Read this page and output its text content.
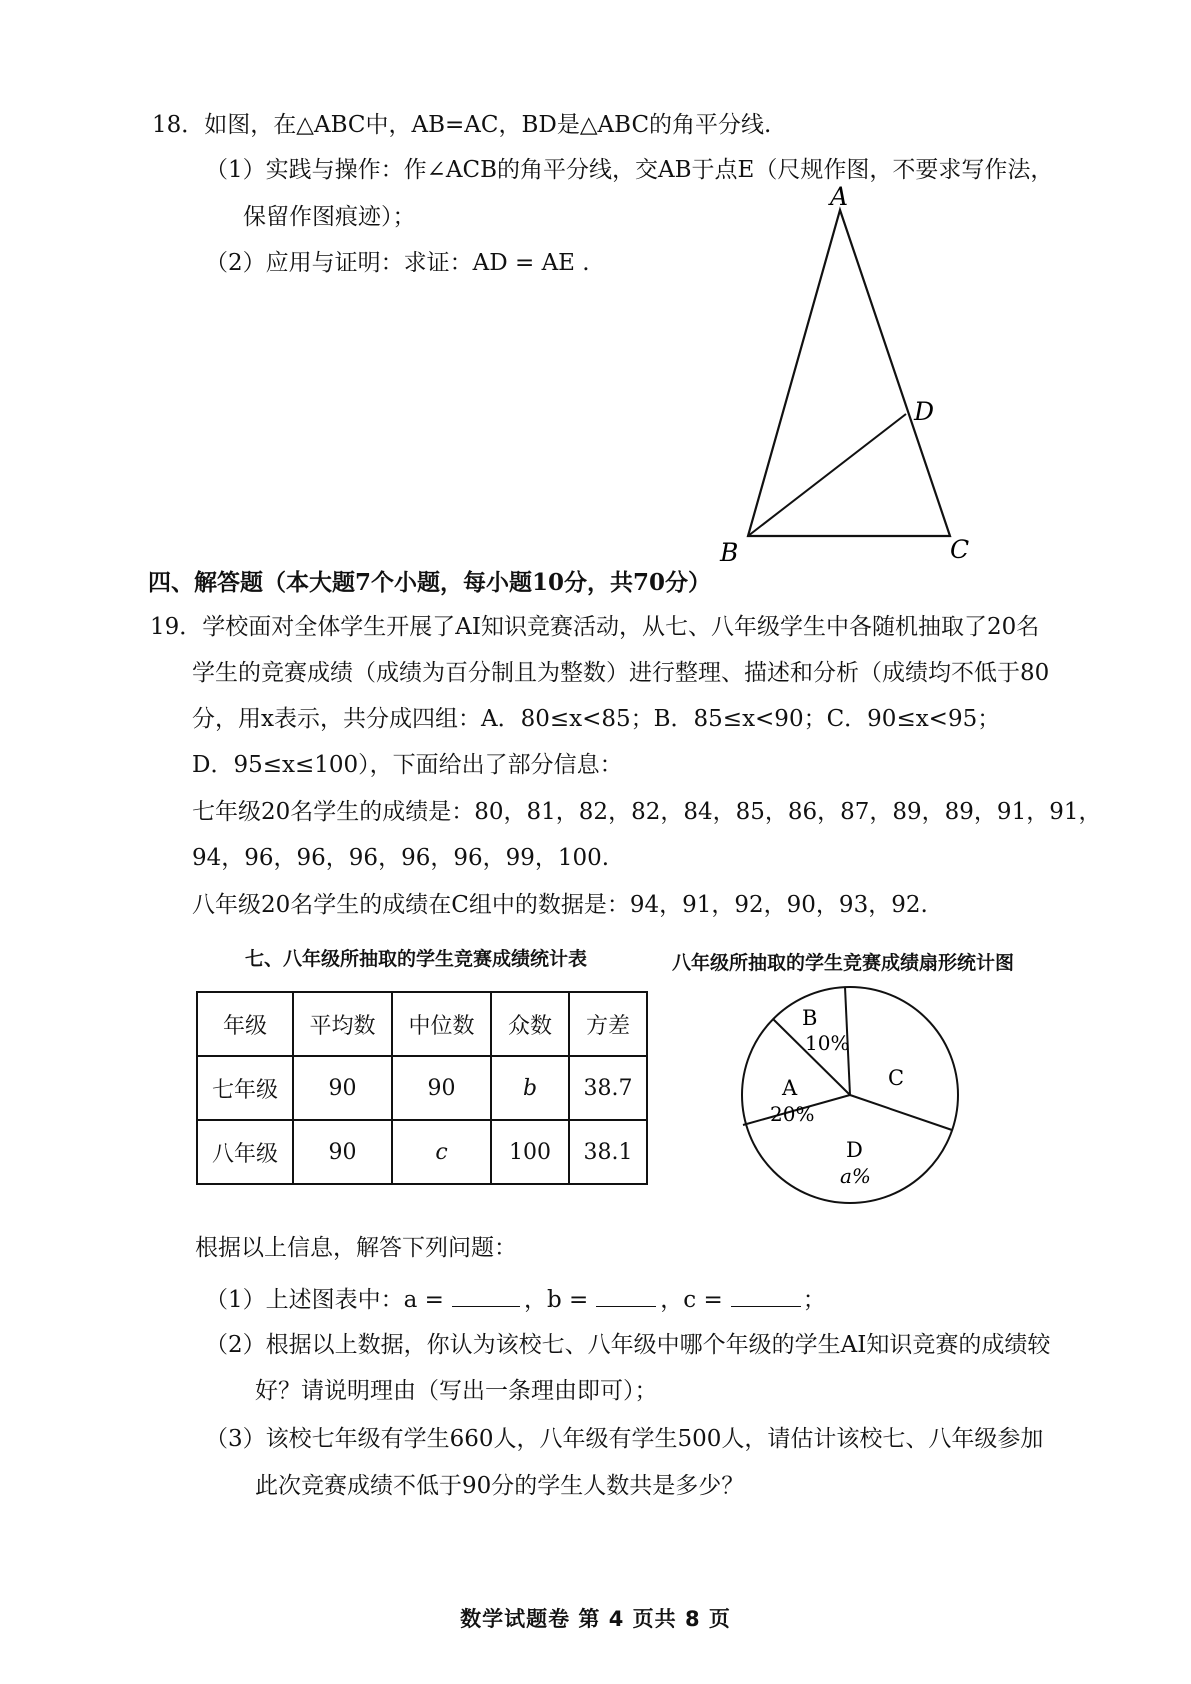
18．如图，在△ABC中，AB=AC，BD是△ABC的角平分线.
（1）实践与操作：作∠ACB的角平分线，交AB于点E（尺规作图，不要求写作法，
保留作图痕迹）；
（2）应用与证明：求证：AD = AE .
A
B	C
D
四、解答题（本大题7个小题，每小题10分，共70分）
19．学校面对全体学生开展了AI知识竞赛活动，从七、八年级学生中各随机抽取了20名
学生的竞赛成绩（成绩为百分制且为整数）进行整理、描述和分析（成绩均不低于80
分，用x表示，共分成四组：A．80≤x<85；B．85≤x<90；C．90≤x<95；
D．95≤x≤100），下面给出了部分信息：
七年级20名学生的成绩是：80，81，82，82，84，85，86，87，89，89，91，91，
94，96，96，96，96，96，99，100.
八年级20名学生的成绩在C组中的数据是：94，91，92，90，93，92.
七、八年级所抽取的学生竞赛成绩统计表	八年级所抽取的学生竞赛成绩扇形统计图
年级	平均数	中位数	众数	方差
七年级	90	90	b	38.7
八年级	90	c	100	38.1
B
10%
C
A
20%
D
a%
根据以上信息，解答下列问题：
（1）上述图表中：a =	，b =	，c =	；
（2）根据以上数据，你认为该校七、八年级中哪个年级的学生AI知识竞赛的成绩较
好？请说明理由（写出一条理由即可）；
（3）该校七年级有学生660人，八年级有学生500人，请估计该校七、八年级参加
此次竞赛成绩不低于90分的学生人数共是多少？
数学试题卷 第 4 页共 8 页
